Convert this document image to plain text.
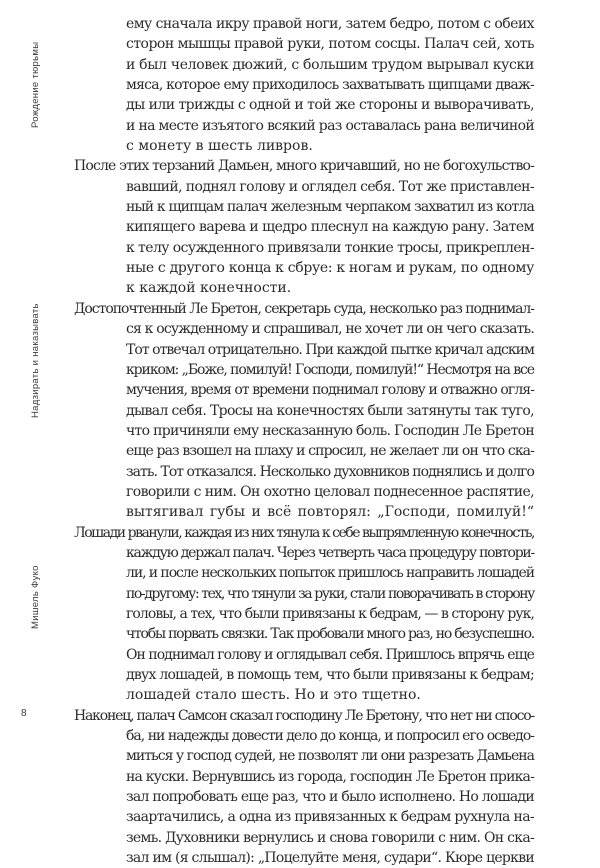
Рождение тюрьмы
Надзирать и наказывать
Мишель Фуко
8
ему сначала икру правой ноги, затем бедро, потом с обеих
сторон мышцы правой руки, потом сосцы. Палач сей, хоть
и был человек дюжий, с большим трудом вырывал куски
мяса, которое ему приходилось захватывать щипцами дваж-
ды или трижды с одной и той же стороны и выворачивать,
и на месте изъятого всякий раз оставалась рана величиной
с монету в шесть ливров.
После этих терзаний Дамьен, много кричавший, но не богохульство-
вавший, поднял голову и оглядел себя. Тот же приставлен-
ный к щипцам палач железным черпаком захватил из котла
кипящего варева и щедро плеснул на каждую рану. Затем
к телу осужденного привязали тонкие тросы, прикреплен-
ные с другого конца к сбруе: к ногам и рукам, по одному
к каждой конечности.
Достопочтенный Ле Бретон, секретарь суда, несколько раз поднимал-
ся к осужденному и спрашивал, не хочет ли он чего сказать.
Тот отвечал отрицательно. При каждой пытке кричал адским
криком: „Боже, помилуй! Господи, помилуй!“ Несмотря на все
мучения, время от времени поднимал голову и отважно огля-
дывал себя. Тросы на конечностях были затянуты так туго,
что причиняли ему несказанную боль. Господин Ле Бретон
еще раз взошел на плаху и спросил, не желает ли он что ска-
зать. Тот отказался. Несколько духовников поднялись и долго
говорили с ним. Он охотно целовал поднесенное распятие,
вытягивал губы и всё повторял: „Господи, помилуй!“
Лошади рванули, каждая из них тянула к себе выпрямленную конечность,
каждую держал палач. Через четверть часа процедуру повтори-
ли, и после нескольких попыток пришлось направить лошадей
по-другому: тех, что тянули за руки, стали поворачивать в сторону
головы, а тех, что были привязаны к бедрам, — в сторону рук,
чтобы порвать связки. Так пробовали много раз, но безуспешно.
Он поднимал голову и оглядывал себя. Пришлось впрячь еще
двух лошадей, в помощь тем, что были привязаны к бедрам;
лошадей стало шесть. Но и это тщетно.
Наконец, палач Самсон сказал господину Ле Бретону, что нет ни спосо-
ба, ни надежды довести дело до конца, и попросил его осведо-
миться у господ судей, не позволят ли они разрезать Дамьена
на куски. Вернувшись из города, господин Ле Бретон прика-
зал попробовать еще раз, что и было исполнено. Но лошади
заартачились, а одна из привязанных к бедрам рухнула на-
земь. Духовники вернулись и снова говорили с ним. Он ска-
зал им (я слышал): „Поцелуйте меня, судари“. Кюре церкви
